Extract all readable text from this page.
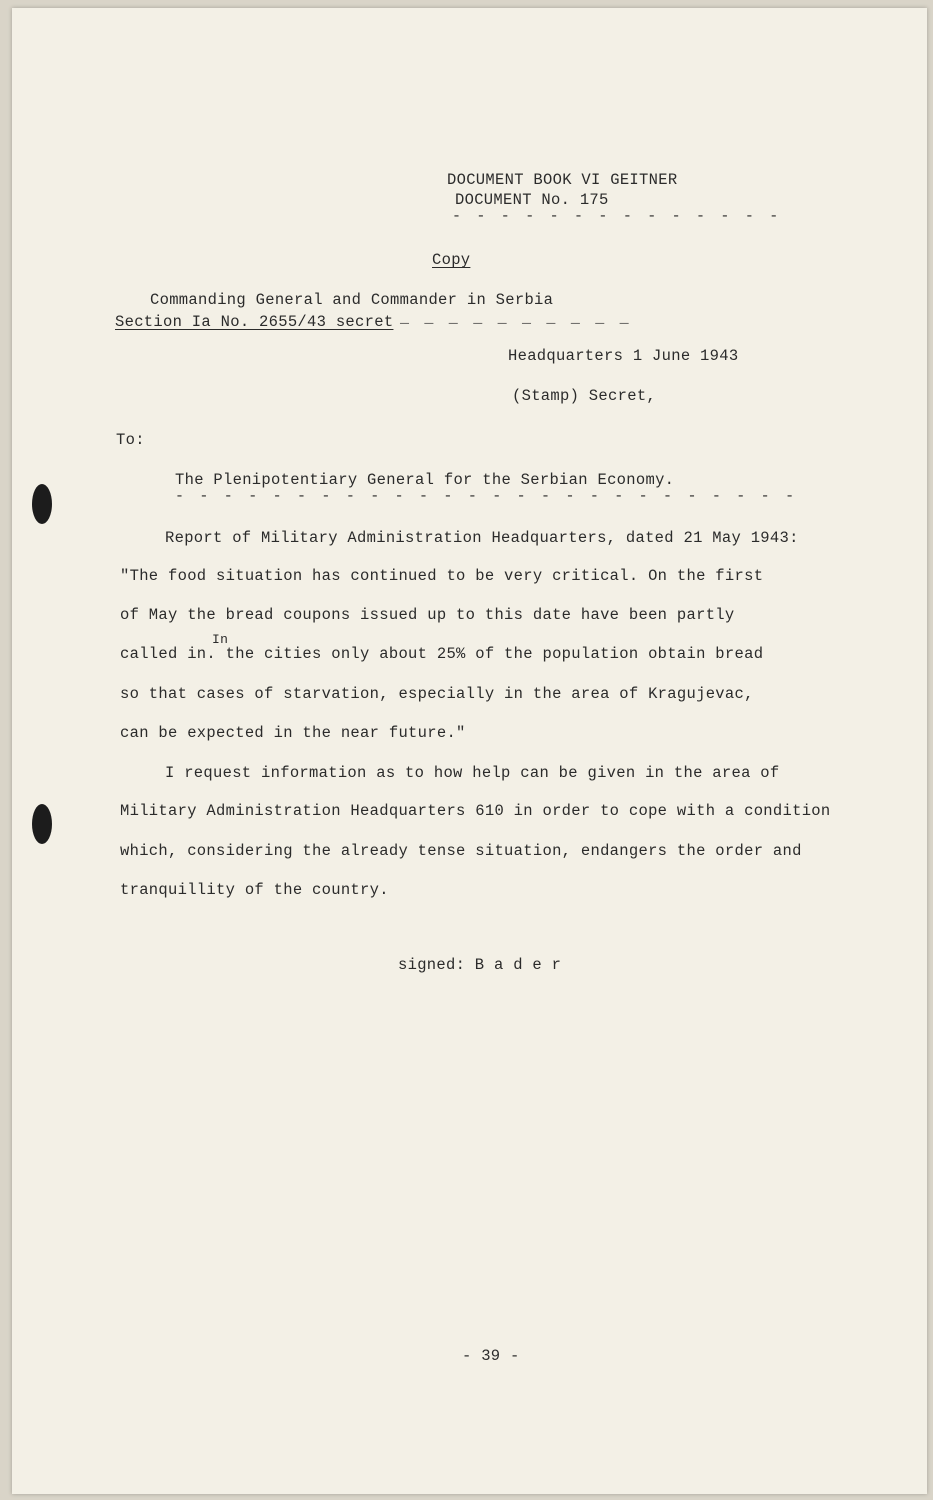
DOCUMENT BOOK VI GEITNER
DOCUMENT No. 175
- - - - - - - - - - - - - -
Copy
Commanding General and Commander in Serbia
Section Ia No. 2655/43 secret _ _ _ _ _ _ _ _ _ _
Headquarters 1 June 1943
(Stamp) Secret,
To:
The Plenipotentiary General for the Serbian Economy.
- - - - - - - - - - - - - - - - - - - - - - - - - -
Report of Military Administration Headquarters, dated 21 May 1943:
"The food situation has continued to be very critical. On the first
of May the bread coupons issued up to this date have been partly
In
called in. the cities only about 25% of the population obtain bread
so that cases of starvation, especially in the area of Kragujevac,
can be expected in the near future."
I request information as to how help can be given in the area of
Military Administration Headquarters 610 in order to cope with a condition
which, considering the already tense situation, endangers the order and
tranquillity of the country.
signed: B a d e r
- 39 -
